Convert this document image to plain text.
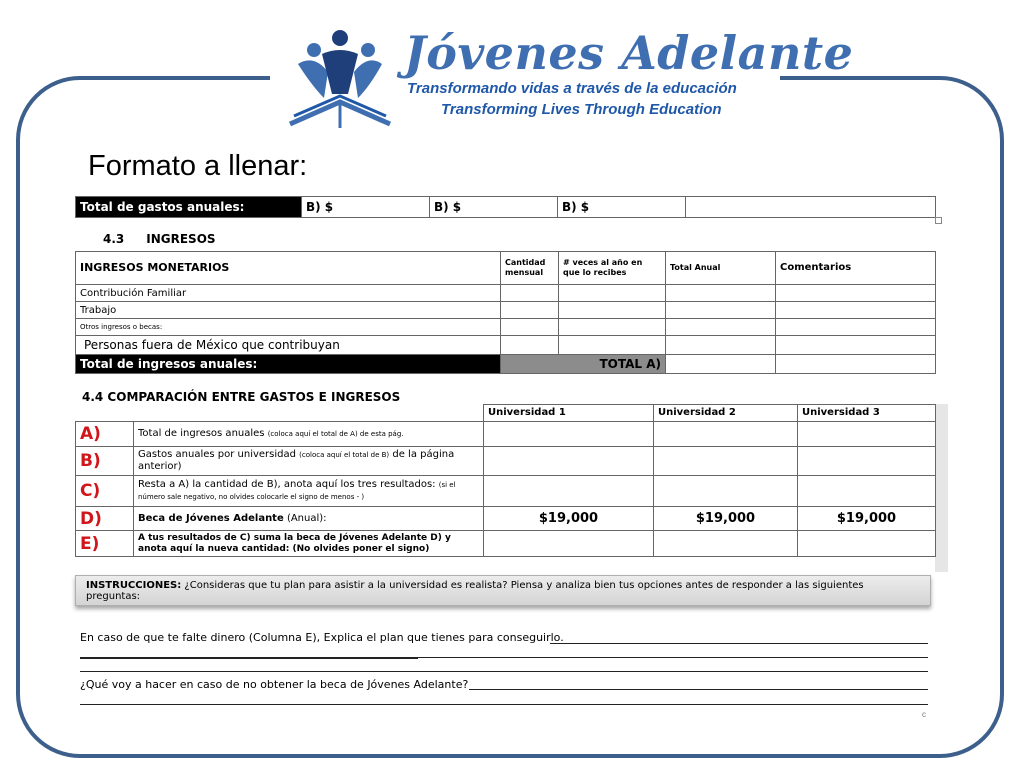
Jóvenes Adelante
Transformando vidas a través de la educación
Transforming Lives Through Education
Formato a llenar:
Total de gastos anuales:	B) $	B) $	B) $	
4.3 INGRESOS
INGRESOS MONETARIOS	Cantidad mensual	# veces al año en que lo recibes	Total Anual	Comentarios
Contribución Familiar				
Trabajo				
Otros ingresos o becas:				
Personas fuera de México que contribuyan				
Total de ingresos anuales:	TOTAL A)			
4.4 COMPARACIÓN ENTRE GASTOS E INGRESOS
		Universidad 1	Universidad 2	Universidad 3
A)	Total de ingresos anuales (coloca aquí el total de A) de esta pág.			
B)	Gastos anuales por universidad (coloca aquí el total de B) de la página anterior)			
C)	Resta a A) la cantidad de B), anota aquí los tres resultados: (si el número sale negativo, no olvides colocarle el signo de menos - )			
D)	Beca de Jóvenes Adelante (Anual):	$19,000	$19,000	$19,000
E)	A tus resultados de C) suma la beca de Jóvenes Adelante D) y anota aquí la nueva cantidad: (No olvides poner el signo)			
INSTRUCCIONES: ¿Consideras que tu plan para asistir a la universidad es realista? Piensa y analiza bien tus opciones antes de responder a las siguientes preguntas:
En caso de que te falte dinero (Columna E), Explica el plan que tienes para conseguirlo.
¿Qué voy a hacer en caso de no obtener la beca de Jóvenes Adelante?
c
